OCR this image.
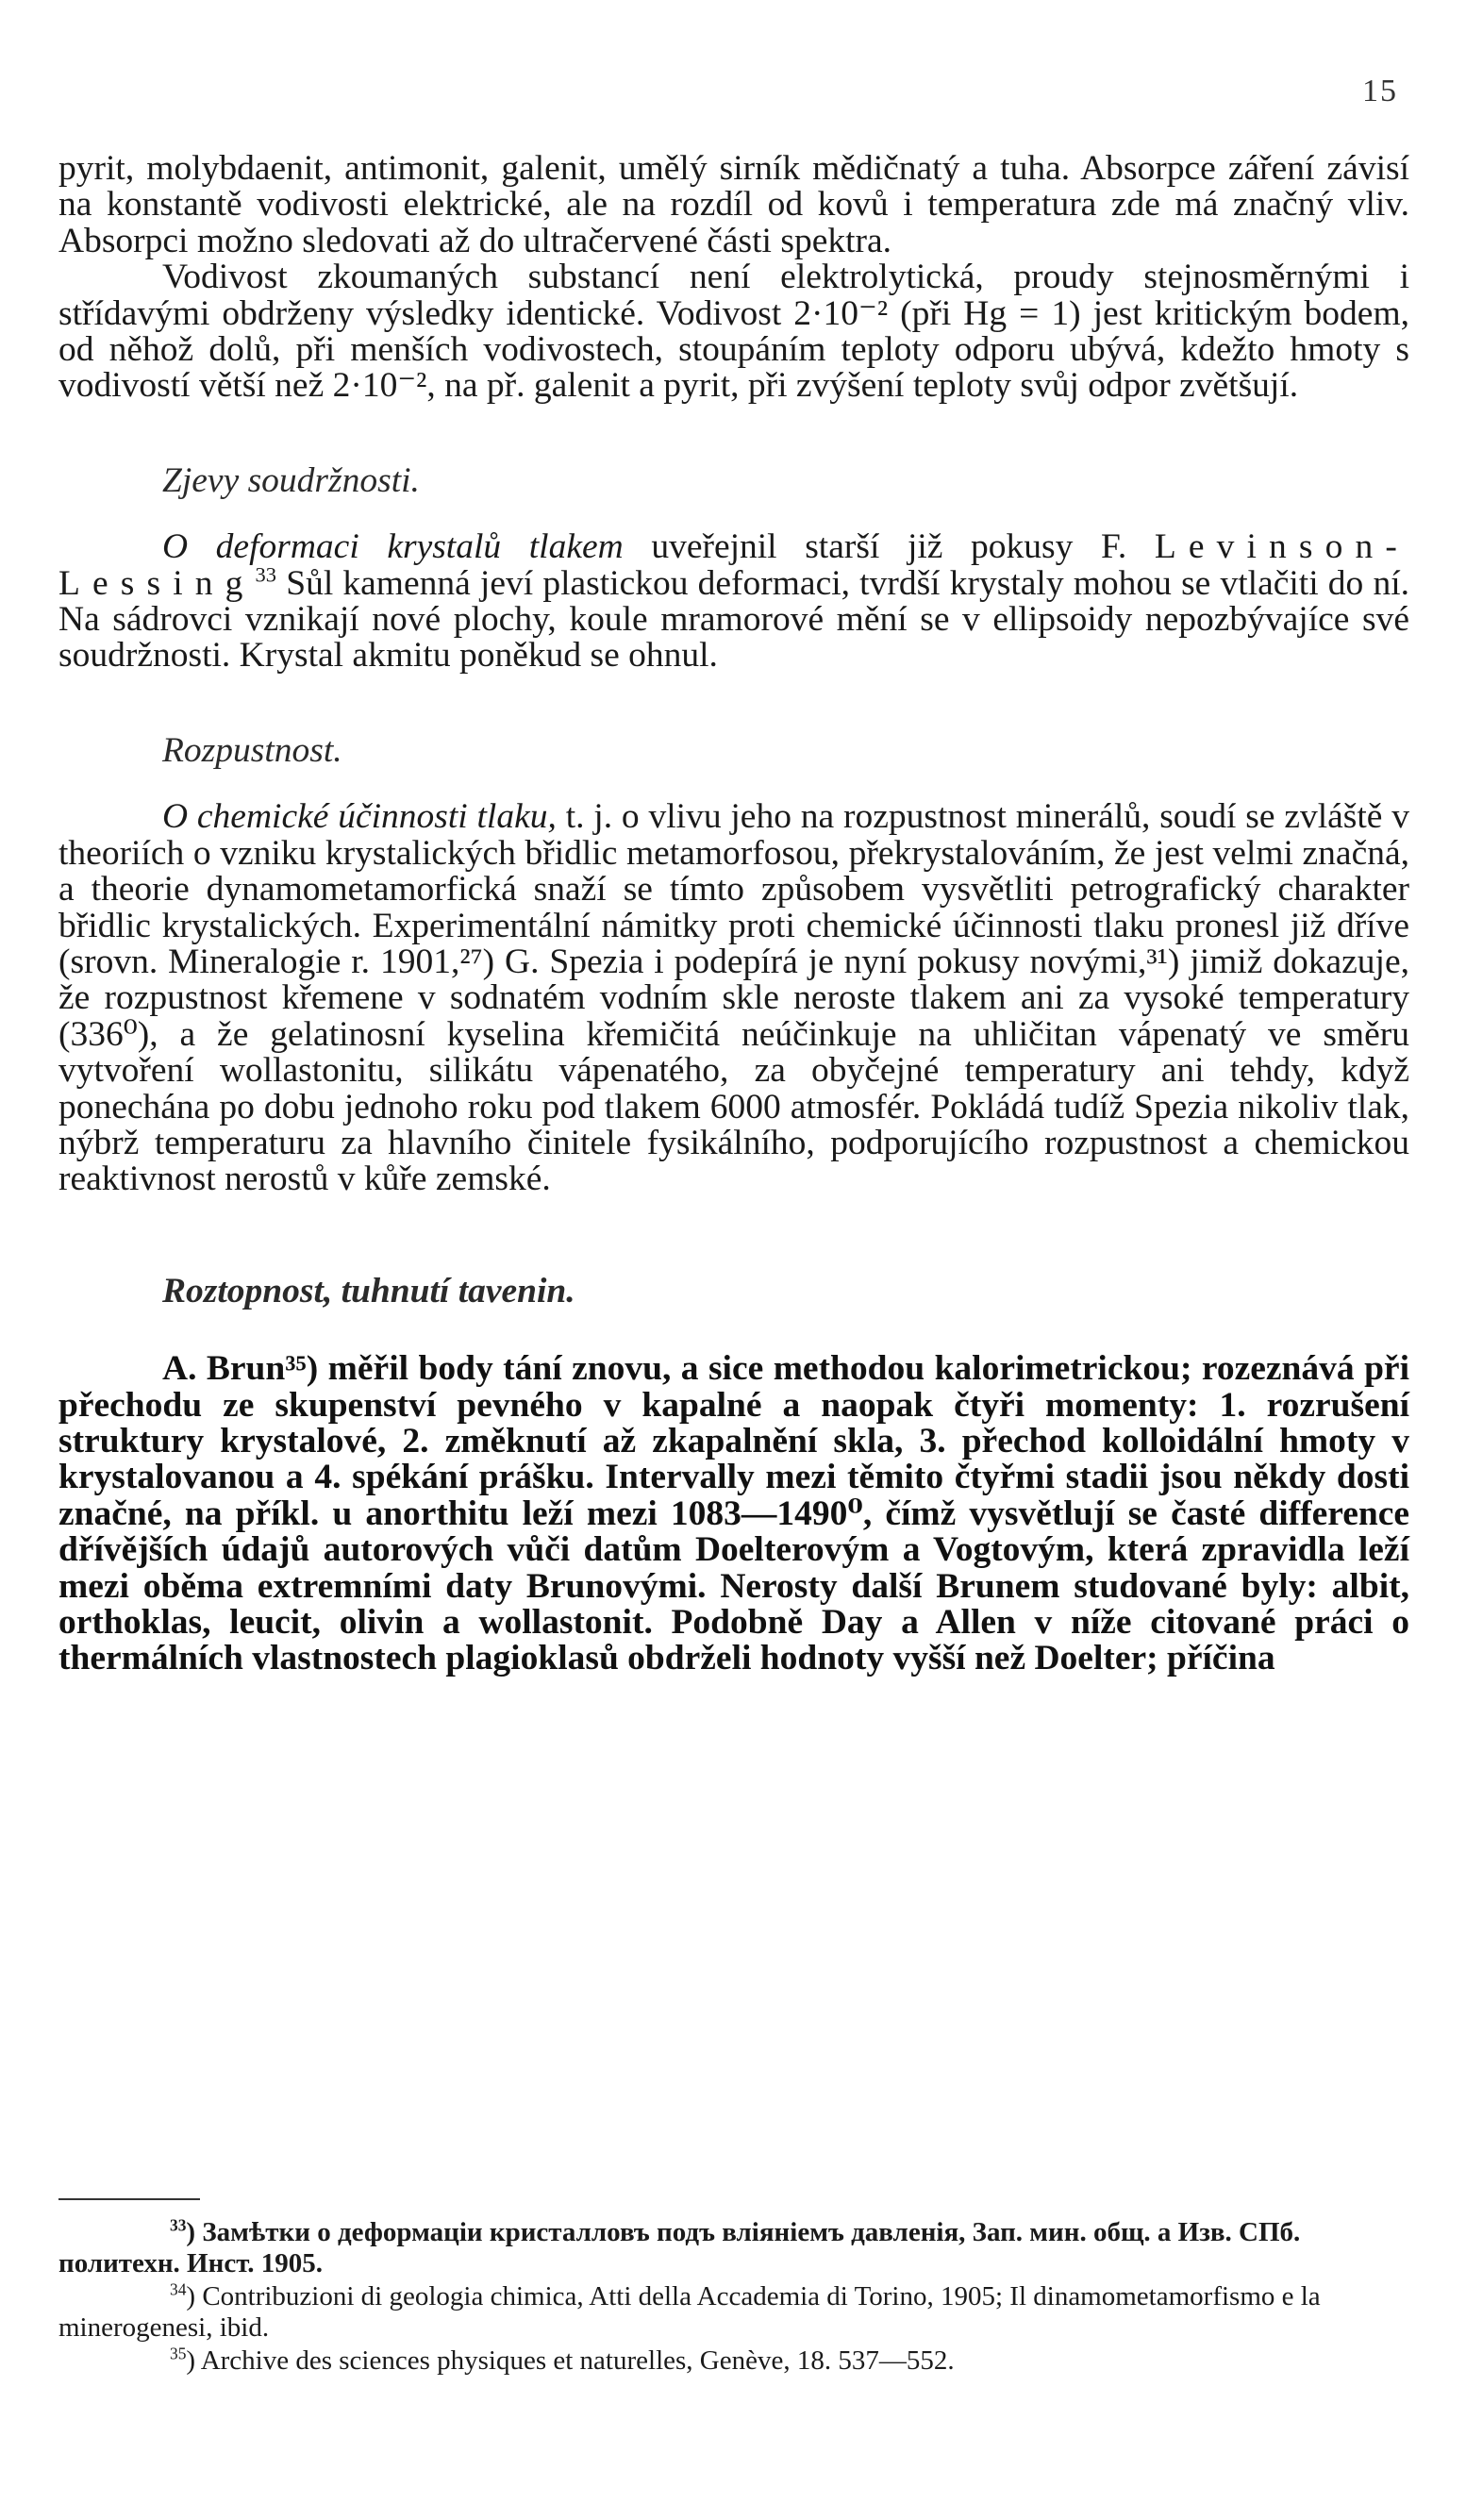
15

pyrit, molybdaenit, antimonit, galenit, umělý sirník mědičnatý a tuha. Absorpce záření závisí na konstantě vodivosti elektrické, ale na rozdíl od kovů i temperatura zde má značný vliv. Absorpci možno sledovati až do ultračervené části spektra.

Vodivost zkoumaných substancí není elektrolytická, proudy stejnosměrnými i střídavými obdrženy výsledky identické. Vodivost 2·10⁻² (při Hg = 1) jest kritickým bodem, od něhož dolů, při menších vodivostech, stoupáním teploty odporu ubývá, kdežto hmoty s vodivostí větší než 2·10⁻², na př. galenit a pyrit, při zvýšení teploty svůj odpor zvětšují.

Zjevy soudržnosti.

O deformaci krystalů tlakem uveřejnil starší již pokusy F. Levinson-Lessing$^{33}$ Sůl kamenná jeví plastickou deformaci, tvrdší krystaly mohou se vtlačiti do ní. Na sádrovci vznikají nové plochy, koule mramorové mění se v ellipsoidy nepozbývajíce své soudržnosti. Krystal akmitu poněkud se ohnul.

Rozpustnost.

O chemické účinnosti tlaku, t. j. o vlivu jeho na rozpustnost minerálů, soudí se zvláště v theoriích o vzniku krystalických břidlic metamorfosou, překrystalováním, že jest velmi značná, a theorie dynamometamorfická snaží se tímto způsobem vysvětliti petrografický charakter břidlic krystalických. Experimentální námitky proti chemické účinnosti tlaku pronesl již dříve (srovn. Mineralogie r. 1901,²⁷) G. Spezia i podepírá je nyní pokusy novými,³¹) jimiž dokazuje, že rozpustnost křemene v sodnatém vodním skle neroste tlakem ani za vysoké temperatury (336⁰), a že gelatinosní kyselina křemičitá neúčinkuje na uhličitan vápenatý ve směru vytvoření wollastonitu, silikátu vápenatého, za obyčejné temperatury ani tehdy, když ponechána po dobu jednoho roku pod tlakem 6000 atmosfér. Pokládá tudíž Spezia nikoliv tlak, nýbrž temperaturu za hlavního činitele fysikálního, podporujícího rozpustnost a chemickou reaktivnost nerostů v kůře zemské.

Roztopnost, tuhnutí tavenin.

A. Brun³⁵) měřil body tání znovu, a sice methodou kalorimetrickou; rozeznává při přechodu ze skupenství pevného v kapalné a naopak čtyři momenty: 1. rozrušení struktury krystalové, 2. změknutí až zkapalnění skla, 3. přechod kolloidální hmoty v krystalovanou a 4. spékání prášku. Intervally mezi těmito čtyřmi stadii jsou někdy dosti značné, na příkl. u anorthitu leží mezi 1083—1490⁰, čímž vysvětlují se časté difference dřívějších údajů autorových vůči datům Doelterovým a Vogtovým, která zpravidla leží mezi oběma extremními daty Brunovými. Nerosty další Brunem studované byly: albit, orthoklas, leucit, olivin a wollastonit. Podobně Day a Allen v níže citované práci o thermálních vlastnostech plagioklasů obdrželi hodnoty vyšší než Doelter; příčina

$^{33}$) Замѣтки о деформаціи кристалловъ подъ вліяніемъ давленія, Зап. мин. общ. а Изв. СПб. политехн. Инст. 1905.

$^{34}$) Contribuzioni di geologia chimica, Atti della Accademia di Torino, 1905; Il dinamometamorfismo e la minerogenesi, ibid.

$^{35}$) Archive des sciences physiques et naturelles, Genève, 18. 537—552.
